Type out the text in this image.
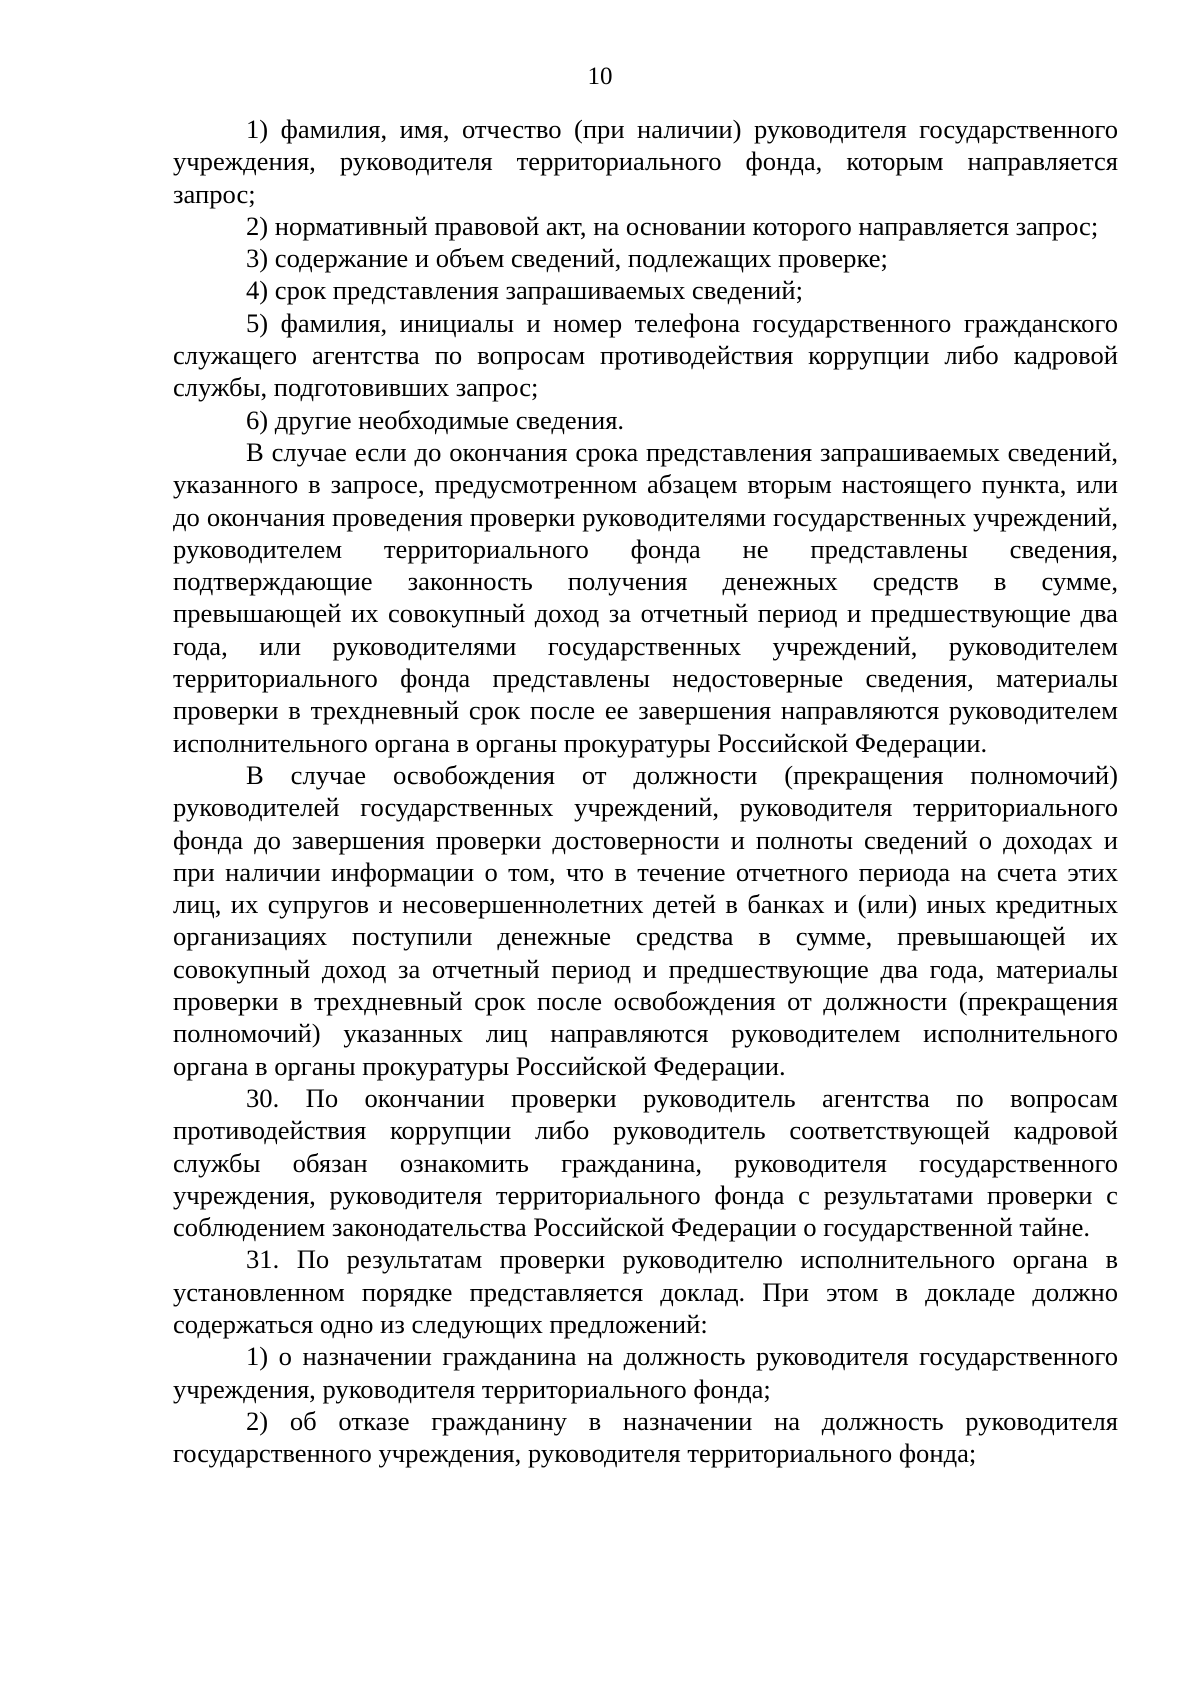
10

1) фамилия, имя, отчество (при наличии) руководителя государственного учреждения, руководителя территориального фонда, которым направляется запрос;

2) нормативный правовой акт, на основании которого направляется запрос;

3) содержание и объем сведений, подлежащих проверке;

4) срок представления запрашиваемых сведений;

5) фамилия, инициалы и номер телефона государственного гражданского служащего агентства по вопросам противодействия коррупции либо кадровой службы, подготовивших запрос;

6) другие необходимые сведения.

В случае если до окончания срока представления запрашиваемых сведений, указанного в запросе, предусмотренном абзацем вторым настоящего пункта, или до окончания проведения проверки руководителями государственных учреждений, руководителем территориального фонда не представлены сведения, подтверждающие законность получения денежных средств в сумме, превышающей их совокупный доход за отчетный период и предшествующие два года, или руководителями государственных учреждений, руководителем территориального фонда представлены недостоверные сведения, материалы проверки в трехдневный срок после ее завершения направляются руководителем исполнительного органа в органы прокуратуры Российской Федерации.

В случае освобождения от должности (прекращения полномочий) руководителей государственных учреждений, руководителя территориального фонда до завершения проверки достоверности и полноты сведений о доходах и при наличии информации о том, что в течение отчетного периода на счета этих лиц, их супругов и несовершеннолетних детей в банках и (или) иных кредитных организациях поступили денежные средства в сумме, превышающей их совокупный доход за отчетный период и предшествующие два года, материалы проверки в трехдневный срок после освобождения от должности (прекращения полномочий) указанных лиц направляются руководителем исполнительного органа в органы прокуратуры Российской Федерации.

30. По окончании проверки руководитель агентства по вопросам противодействия коррупции либо руководитель соответствующей кадровой службы обязан ознакомить гражданина, руководителя государственного учреждения, руководителя территориального фонда с результатами проверки с соблюдением законодательства Российской Федерации о государственной тайне.

31. По результатам проверки руководителю исполнительного органа в установленном порядке представляется доклад. При этом в докладе должно содержаться одно из следующих предложений:

1) о назначении гражданина на должность руководителя государственного учреждения, руководителя территориального фонда;

2) об отказе гражданину в назначении на должность руководителя государственного учреждения, руководителя территориального фонда;
